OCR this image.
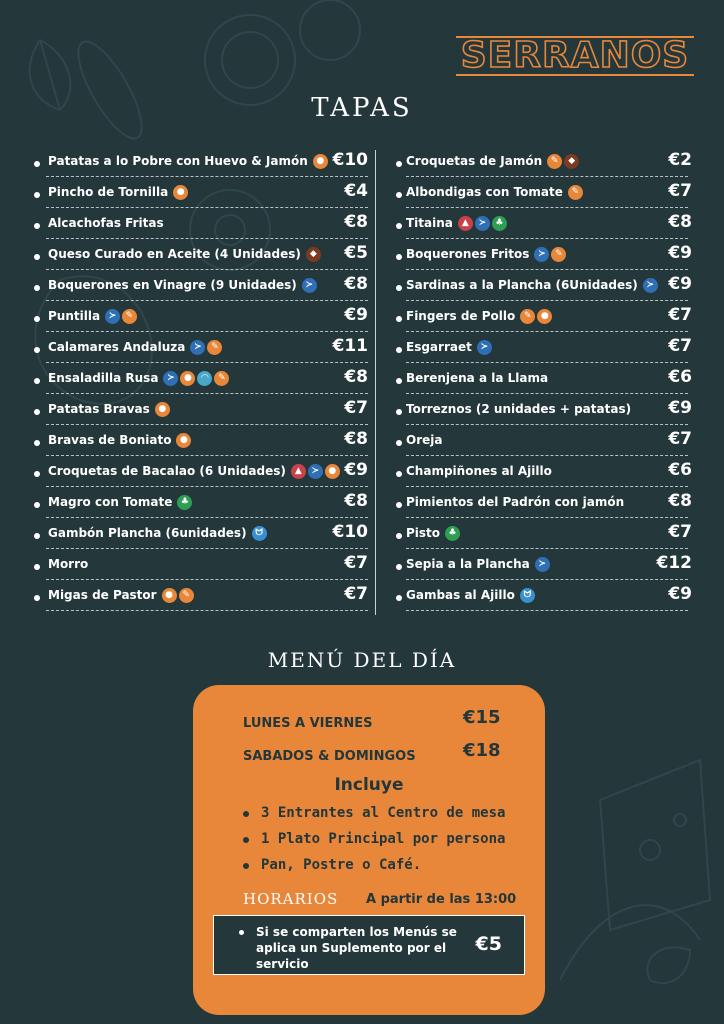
SERRANOS
TAPAS
Patatas a lo Pobre con Huevo & Jamón ● €10
Pincho de Tornilla ●	€4
Alcachofas Fritas	€8
Queso Curado en Aceite (4 Unidades)	◆ €5
Boquerones en Vinagre (9 Unidades) ≻ €8
Puntilla ≻	✎	€9
Calamares Andaluza ≻	✎	€11
Ensaladilla Rusa ≻	●	◠	✎	€8
Patatas Bravas ●	€7
Bravas de Boniato ●	€8
Croquetas de Bacalao (6 Unidades)	▲	≻	● €9
Magro con Tomate ♣	€8
Gambón Plancha (6unidades) ᗢ	€10
Morro	€7
Migas de Pastor ●	✎	€7
Croquetas de Jamón ✎	◆	€2
Albondigas con Tomate ✎	€7
Titaina	▲	≻	♣	€8
Boquerones Fritos ≻	✎	€9
Sardinas a la Plancha (6Unidades) ≻ €9
Fingers de Pollo ✎	●	€7
Esgarraet ≻	€7
Berenjena a la Llama	€6
Torreznos (2 unidades + patatas) €9
Oreja	€7
Champiñones al Ajillo	€6
Pimientos del Padrón con jamón	€8
Pisto ♣	€7
Sepia a la Plancha ≻	€12
Gambas al Ajillo ᗢ	€9
MENÚ DEL DÍA
LUNES A VIERNES	€15
SABADOS & DOMINGOS	€18
Incluye
3 Entrantes al Centro de mesa
1 Plato Principal por persona
Pan, Postre o Café.
HORARIOS A partir de las 13:00
Si se comparten los Menús se aplica un Suplemento por el servicio
€5
